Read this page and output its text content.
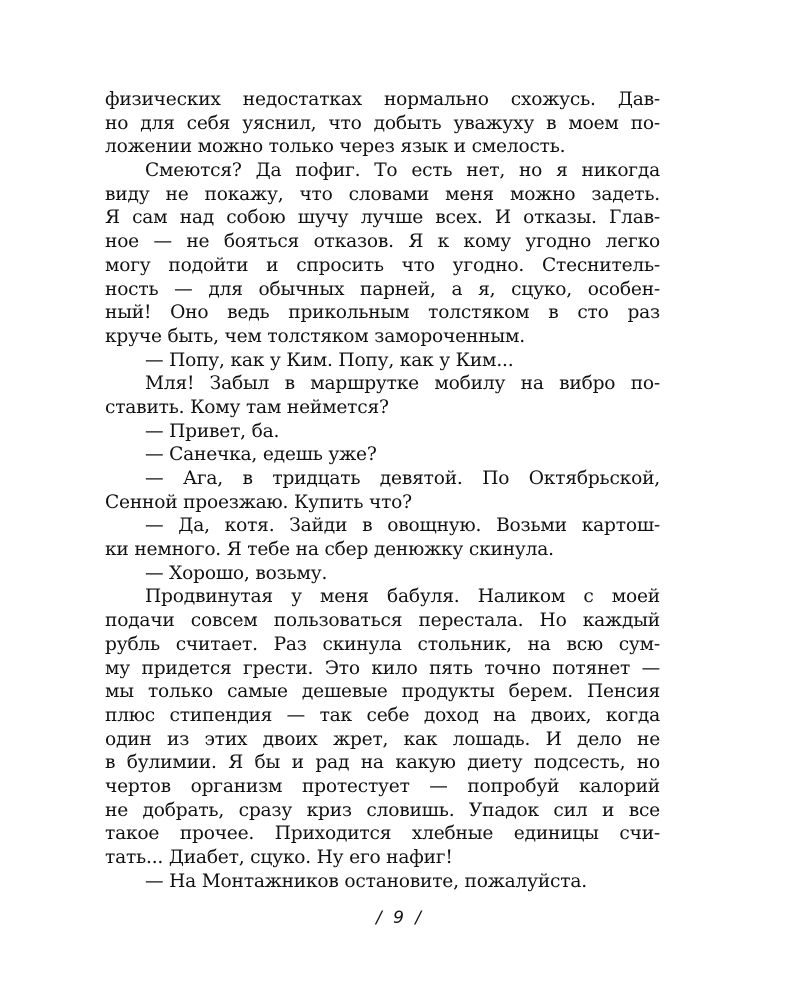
физических недостатках нормально схожусь. Дав-
но для себя уяснил, что добыть уважуху в моем по-
ложении можно только через язык и смелость.
Смеются? Да пофиг. То есть нет, но я никогда
виду не покажу, что словами меня можно задеть.
Я сам над собою шучу лучше всех. И отказы. Глав-
ное — не бояться отказов. Я к кому угодно легко
могу подойти и спросить что угодно. Стеснитель-
ность — для обычных парней, а я, сцуко, особен-
ный! Оно ведь прикольным толстяком в сто раз
круче быть, чем толстяком замороченным.
— Попу, как у Ким. Попу, как у Ким...
Мля! Забыл в маршрутке мобилу на вибро по-
ставить. Кому там неймется?
— Привет, ба.
— Санечка, едешь уже?
— Ага, в тридцать девятой. По Октябрьской,
Сенной проезжаю. Купить что?
— Да, котя. Зайди в овощную. Возьми картош-
ки немного. Я тебе на сбер денюжку скинула.
— Хорошо, возьму.
Продвинутая у меня бабуля. Наликом с моей
подачи совсем пользоваться перестала. Но каждый
рубль считает. Раз скинула стольник, на всю сум-
му придется грести. Это кило пять точно потянет —
мы только самые дешевые продукты берем. Пенсия
плюс стипендия — так себе доход на двоих, когда
один из этих двоих жрет, как лошадь. И дело не
в булимии. Я бы и рад на какую диету подсесть, но
чертов организм протестует — попробуй калорий
не добрать, сразу криз словишь. Упадок сил и все
такое прочее. Приходится хлебные единицы счи-
тать... Диабет, сцуко. Ну его нафиг!
— На Монтажников остановите, пожалуйста.
/ 9 /
